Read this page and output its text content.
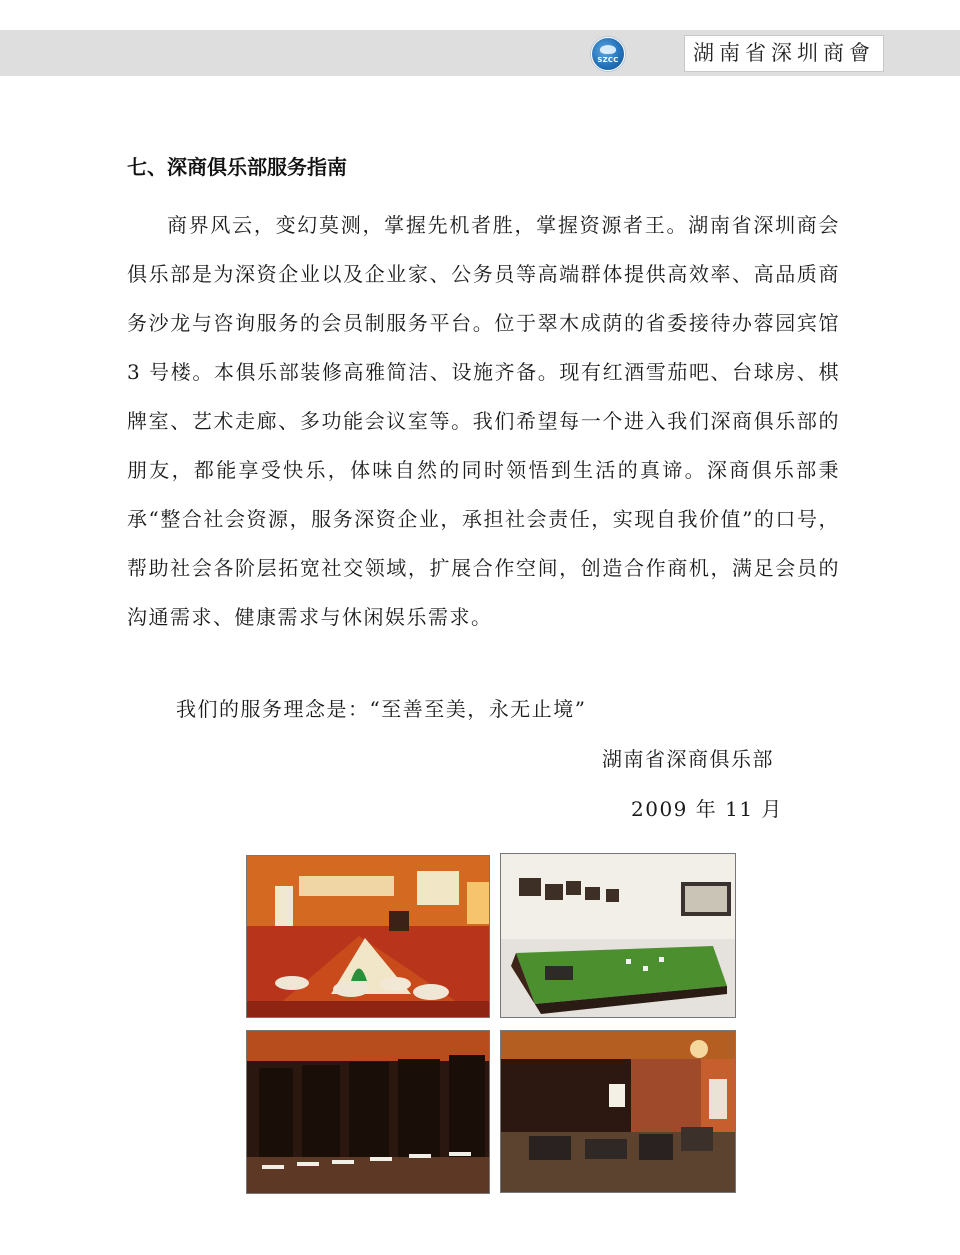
SZCC	湖南省深圳商會
七、深商俱乐部服务指南
商界风云，变幻莫测，掌握先机者胜，掌握资源者王。湖南省深圳商会俱乐部是为深资企业以及企业家、公务员等高端群体提供高效率、高品质商务沙龙与咨询服务的会员制服务平台。位于翠木成荫的省委接待办蓉园宾馆 3 号楼。本俱乐部装修高雅简洁、设施齐备。现有红酒雪茄吧、台球房、棋牌室、艺术走廊、多功能会议室等。我们希望每一个进入我们深商俱乐部的朋友，都能享受快乐，体味自然的同时领悟到生活的真谛。深商俱乐部秉承“整合社会资源，服务深资企业，承担社会责任，实现自我价值”的口号，帮助社会各阶层拓宽社交领域，扩展合作空间，创造合作商机，满足会员的沟通需求、健康需求与休闲娱乐需求。
我们的服务理念是：“至善至美，永无止境”
湖南省深商俱乐部
2009 年 11 月
